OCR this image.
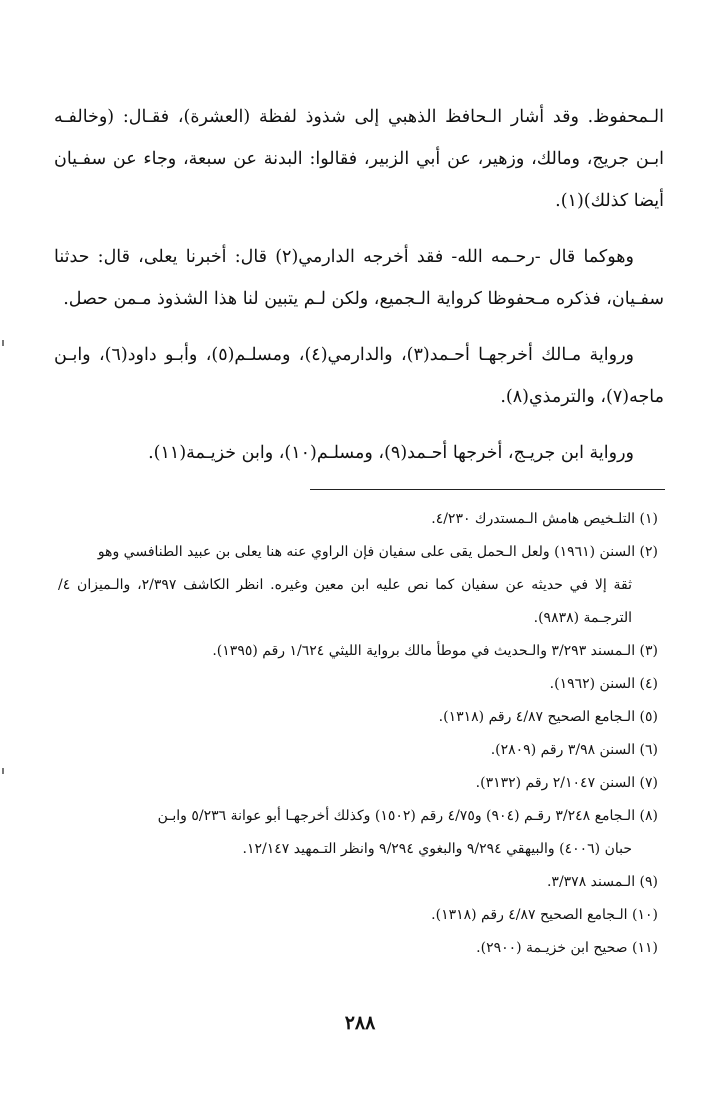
الـمحفوظ. وقد أشار الـحافظ الذهبي إلى شذوذ لفظة (العشرة)، فقـال: (وخالفـه ابـن جريج، ومالك، وزهير، عن أبي الزبير، فقالوا: البدنة عن سبعة، وجاء عن سفـيان أيضا كذلك)(١).

وهوكما قال -رحـمه الله- فقد أخرجه الدارمي(٢) قال: أخبرنا يعلى، قال: حدثنا سفـيان، فذكره مـحفوظا كرواية الـجميع، ولكن لـم يتبين لنا هذا الشذوذ مـمن حصل.

ورواية مـالك أخرجهـا أحـمد(٣)، والدارمي(٤)، ومسلـم(٥)، وأبـو داود(٦)، وابـن ماجه(٧)، والترمذي(٨).

ورواية ابن جريـج، أخرجها أحـمد(٩)، ومسلـم(١٠)، وابن خزيـمة(١١).

(١) التلـخيص هامش الـمستدرك ٤/٢٣٠.

(٢) السنن (١٩٦١) ولعل الـحمل يقى على سفيان فإن الراوي عنه هنا يعلى بن عبيد الطنافسي وهو
ثقة إلا في حديثه عن سفيان كما نص عليه ابن معين وغيره. انظر الكاشف ٢/٣٩٧، والـميزان ٤/الترجـمة (٩٨٣٨).

(٣) الـمسند ٣/٢٩٣ والـحديث في موطأ مالك برواية الليثي ١/٦٢٤ رقم (١٣٩٥).

(٤) السنن (١٩٦٢).

(٥) الـجامع الصحيح ٤/٨٧ رقم (١٣١٨).

(٦) السنن ٣/٩٨ رقم (٢٨٠٩).

(٧) السنن ٢/١٠٤٧ رقم (٣١٣٢).

(٨) الـجامع ٣/٢٤٨ رقـم (٩٠٤) و٤/٧٥ رقم (١٥٠٢) وكذلك أخرجهـا أبو عوانة ٥/٢٣٦ وابـن
حبان (٤٠٠٦) والبيهقي ٩/٢٩٤ والبغوي ٩/٢٩٤ وانظر التـمهيد ١٢/١٤٧.

(٩) الـمسند ٣/٣٧٨.

(١٠) الـجامع الصحيح ٤/٨٧ رقم (١٣١٨).

(١١) صحيح ابن خزيـمة (٢٩٠٠).

٢٨٨
